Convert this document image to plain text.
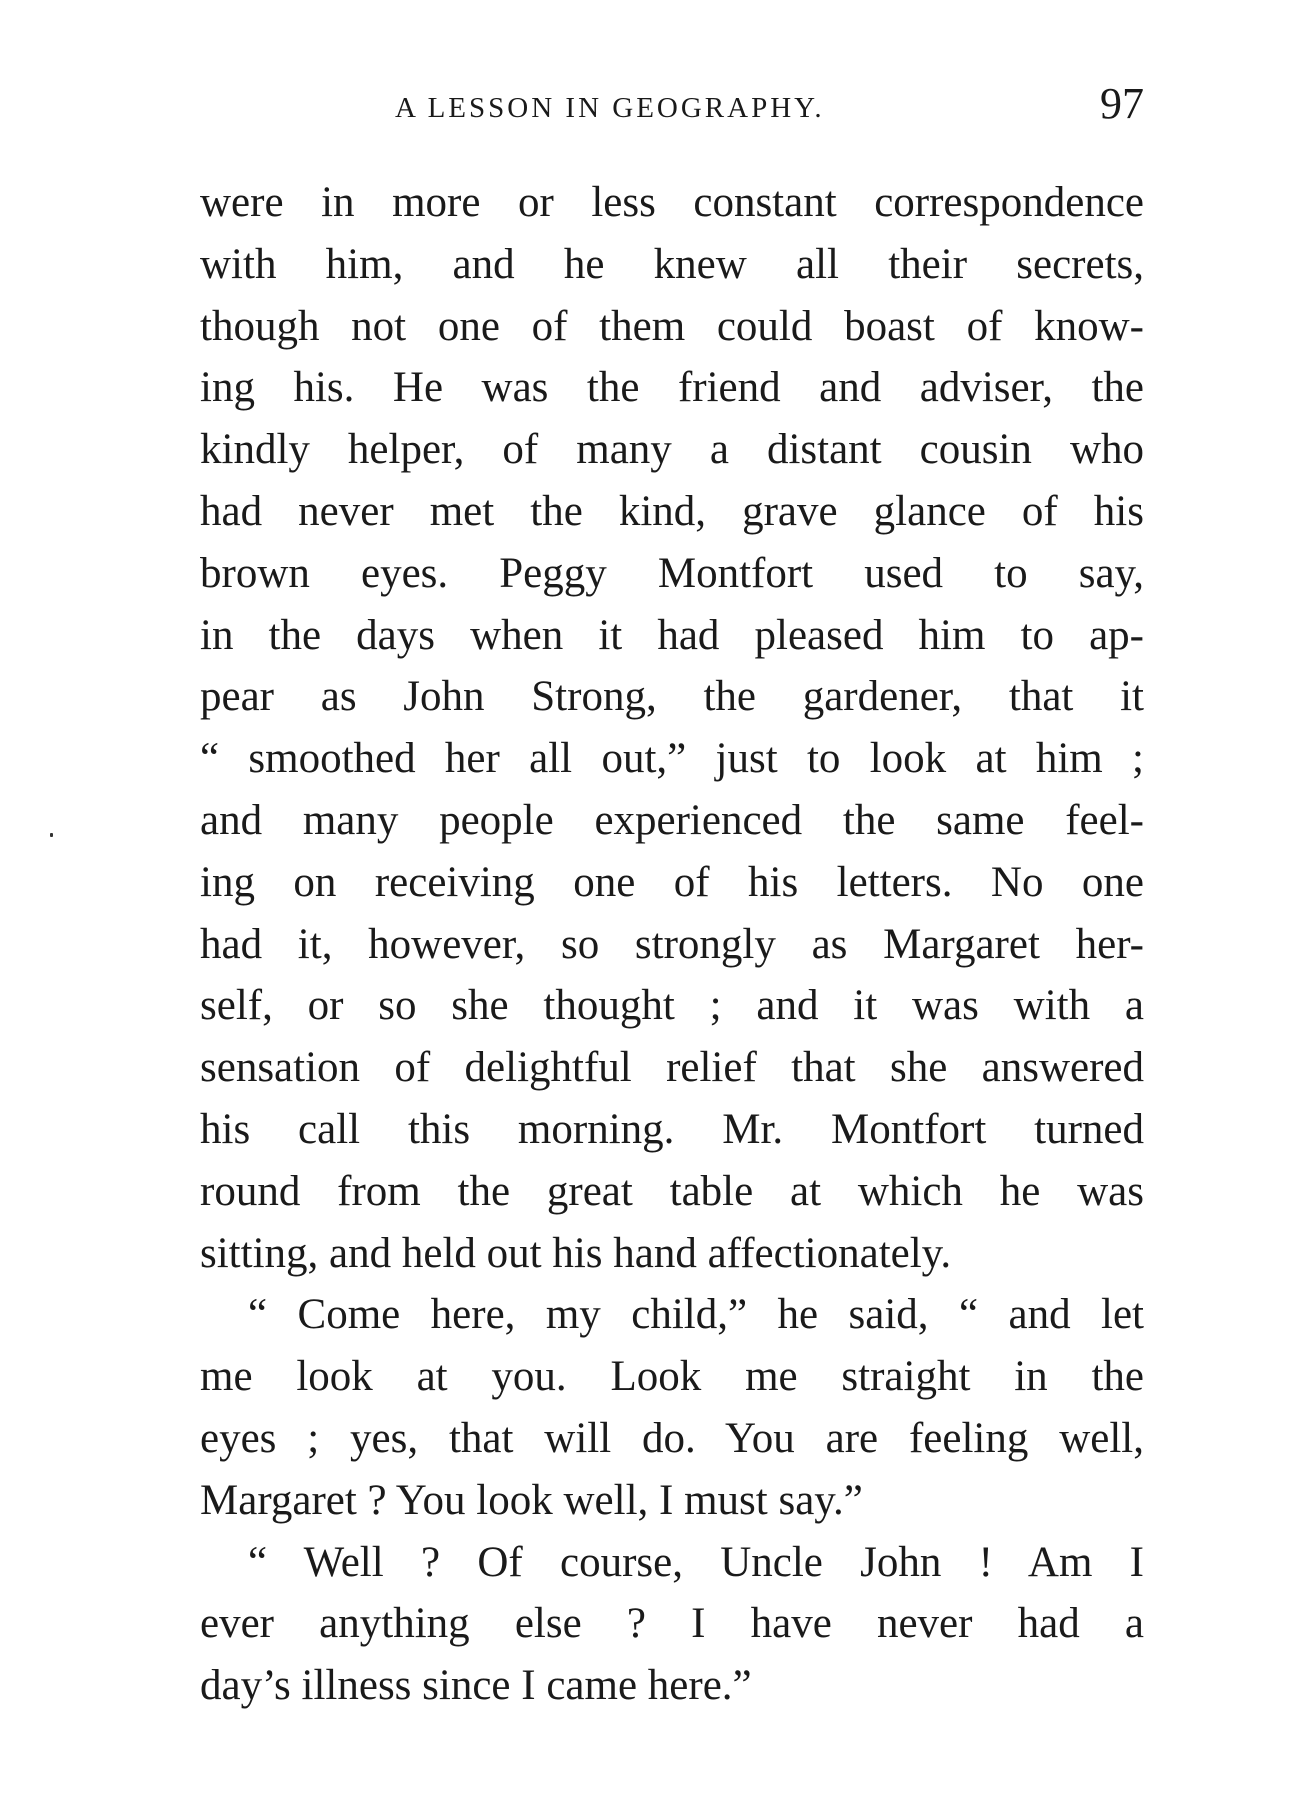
A LESSON IN GEOGRAPHY.	97
were in more or less constant correspondence
with him, and he knew all their secrets,
though not one of them could boast of know-
ing his. He was the friend and adviser, the
kindly helper, of many a distant cousin who
had never met the kind, grave glance of his
brown eyes. Peggy Montfort used to say,
in the days when it had pleased him to ap-
pear as John Strong, the gardener, that it
“ smoothed her all out,” just to look at him ;
and many people experienced the same feel-
ing on receiving one of his letters. No one
had it, however, so strongly as Margaret her-
self, or so she thought ; and it was with a
sensation of delightful relief that she answered
his call this morning. Mr. Montfort turned
round from the great table at which he was
sitting, and held out his hand affectionately.
“ Come here, my child,” he said, “ and let
me look at you. Look me straight in the
eyes ; yes, that will do. You are feeling well,
Margaret ? You look well, I must say.”
“ Well ? Of course, Uncle John ! Am I
ever anything else ? I have never had a
day’s illness since I came here.”
